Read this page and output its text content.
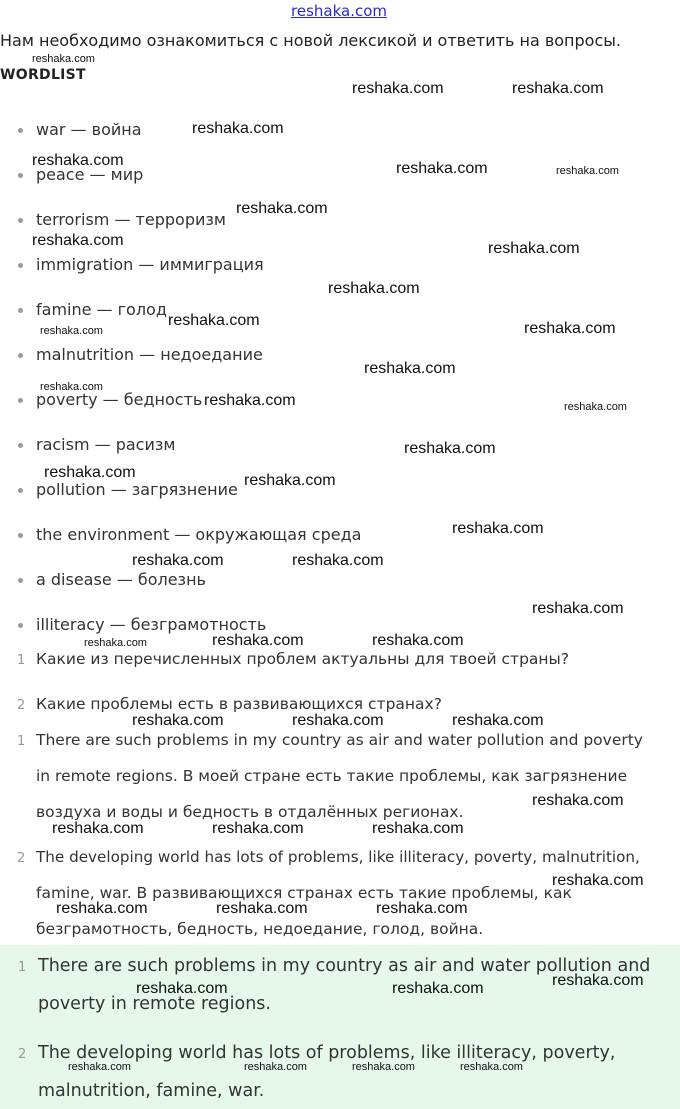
reshaka.com
Нам необходимо ознакомиться с новой лексикой и ответить на вопросы.
WORDLIST
war — война
peace — мир
terrorism — терроризм
immigration — иммиграция
famine — голод
malnutrition — недоедание
poverty — бедность
racism — расизм
pollution — загрязнение
the environment — окружающая среда
a disease — болезнь
illiteracy — безграмотность
1 Какие из перечисленных проблем актуальны для твоей страны?
2 Какие проблемы есть в развивающихся странах?
1 There are such problems in my country as air and water pollution and poverty
in remote regions. В моей стране есть такие проблемы, как загрязнение
воздуха и воды и бедность в отдалённых регионах.
2 The developing world has lots of problems, like illiteracy, poverty, malnutrition,
famine, war. В развивающихся странах есть такие проблемы, как
безграмотность, бедность, недоедание, голод, война.
1 There are such problems in my country as air and water pollution and
poverty in remote regions.
2 The developing world has lots of problems, like illiteracy, poverty,
malnutrition, famine, war.
reshaka.com
reshaka.com	reshaka.com
reshaka.com
reshaka.com	reshaka.com	reshaka.com
reshaka.com
reshaka.com	reshaka.com
reshaka.com
reshaka.com
reshaka.com	reshaka.com
reshaka.com
reshaka.com
reshaka.com	reshaka.com
reshaka.com
reshaka.com	reshaka.com
reshaka.com
reshaka.com	reshaka.com
reshaka.com
reshaka.com	reshaka.com	reshaka.com
reshaka.com	reshaka.com	reshaka.com
reshaka.com
reshaka.com	reshaka.com	reshaka.com
reshaka.com
reshaka.com	reshaka.com	reshaka.com
reshaka.com
reshaka.com	reshaka.com
reshaka.com	reshaka.com	reshaka.com	reshaka.com
